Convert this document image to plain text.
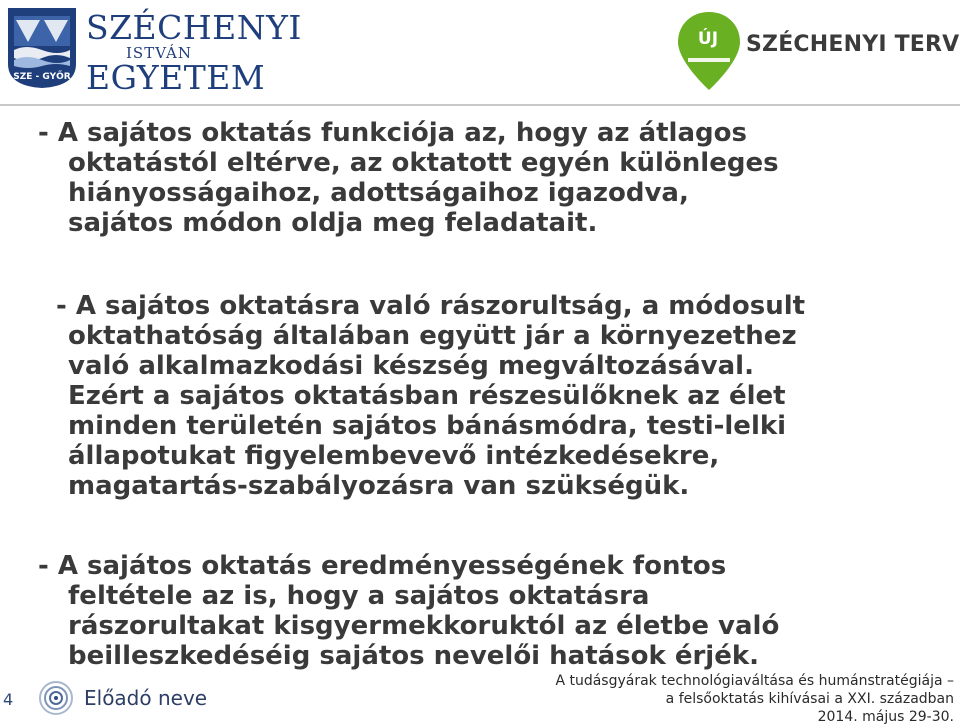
SZE - GYŐR
SZÉCHENYI
ISTVÁN
EGYETEM
ÚJ	SZÉCHENYI TERV
- A sajátos oktatás funkciója az, hogy az átlagos
oktatástól eltérve, az oktatott egyén különleges
hiányosságaihoz, adottságaihoz igazodva,
sajátos módon oldja meg feladatait.
- A sajátos oktatásra való rászorultság, a módosult
oktathatóság általában együtt jár a környezethez
való alkalmazkodási készség megváltozásával.
Ezért a sajátos oktatásban részesülőknek az élet
minden területén sajátos bánásmódra, testi-lelki
állapotukat figyelembevevő intézkedésekre,
magatartás-szabályozásra van szükségük.
- A sajátos oktatás eredményességének fontos
feltétele az is, hogy a sajátos oktatásra
rászorultakat kisgyermekkoruktól az életbe való
beilleszkedéséig sajátos nevelői hatások érjék.
4	Előadó neve
A tudásgyárak technológiaváltása és humánstratégiája –
a felsőoktatás kihívásai a XXI. században
2014. május 29-30.
